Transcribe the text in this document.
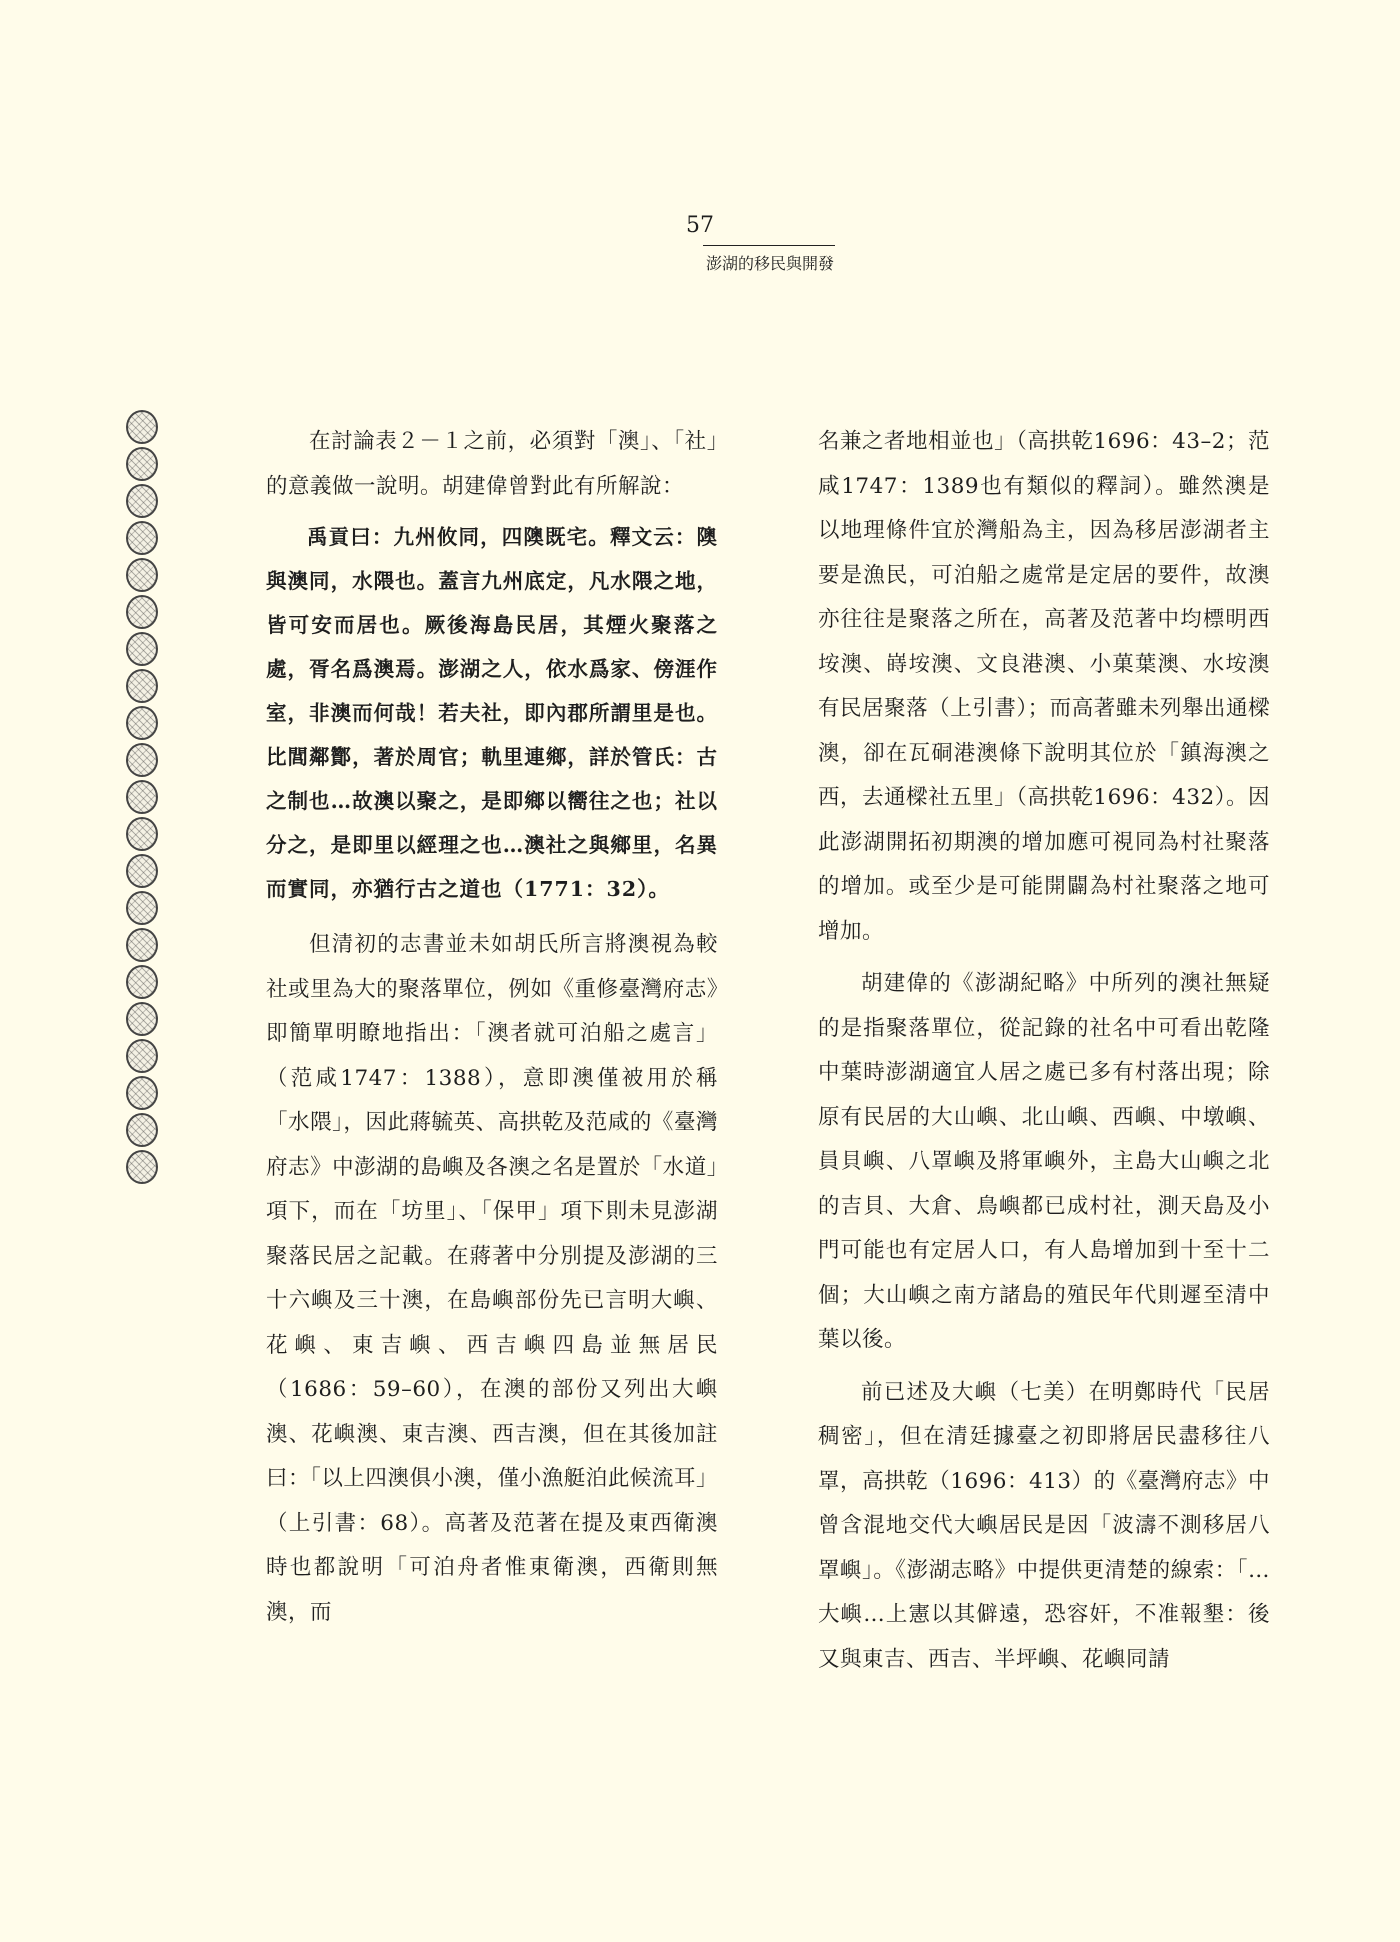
57
澎湖的移民與開發

在討論表２－１之前，必須對「澳」、「社」的意義做一說明。胡建偉曾對此有所解說：

禹貢曰：九州攸同，四隩既宅。釋文云：隩與澳同，水隈也。蓋言九州底定，凡水隈之地，皆可安而居也。厥後海島民居，其煙火聚落之處，胥名爲澳焉。澎湖之人，依水爲家、傍涯作室，非澳而何哉！若夫社，即內郡所謂里是也。比閭鄰酇，著於周官；軌里連鄉，詳於管氏：古之制也…故澳以聚之，是即鄉以嚮往之也；社以分之，是即里以經理之也…澳社之與鄉里，名異而實同，亦猶行古之道也（1771：32）。

但清初的志書並未如胡氏所言將澳視為較社或里為大的聚落單位，例如《重修臺灣府志》即簡單明瞭地指出：「澳者就可泊船之處言」（范咸1747：1388），意即澳僅被用於稱「水隈」，因此蔣毓英、高拱乾及范咸的《臺灣府志》中澎湖的島嶼及各澳之名是置於「水道」項下，而在「坊里」、「保甲」項下則未見澎湖聚落民居之記載。在蔣著中分別提及澎湖的三十六嶼及三十澳，在島嶼部份先已言明大嶼、花嶼、東吉嶼、西吉嶼四島並無居民（1686：59–60），在澳的部份又列出大嶼澳、花嶼澳、東吉澳、西吉澳，但在其後加註曰：「以上四澳俱小澳，僅小漁艇泊此候流耳」（上引書：68）。高著及范著在提及東西衛澳時也都說明「可泊舟者惟東衛澳，西衛則無澳，而

名兼之者地相並也」（高拱乾1696：43–2；范咸1747：1389也有類似的釋詞）。雖然澳是以地理條件宜於灣船為主，因為移居澎湖者主要是漁民，可泊船之處常是定居的要件，故澳亦往往是聚落之所在，高著及范著中均標明西垵澳、嵵垵澳、文良港澳、小菓葉澳、水垵澳有民居聚落（上引書）；而高著雖未列舉出通樑澳，卻在瓦硐港澳條下說明其位於「鎮海澳之西，去通樑社五里」（高拱乾1696：432）。因此澎湖開拓初期澳的增加應可視同為村社聚落的增加。或至少是可能開闢為村社聚落之地可增加。

胡建偉的《澎湖紀略》中所列的澳社無疑的是指聚落單位，從記錄的社名中可看出乾隆中葉時澎湖適宜人居之處已多有村落出現；除原有民居的大山嶼、北山嶼、西嶼、中墩嶼、員貝嶼、八罩嶼及將軍嶼外，主島大山嶼之北的吉貝、大倉、鳥嶼都已成村社，測天島及小門可能也有定居人口，有人島增加到十至十二個；大山嶼之南方諸島的殖民年代則遲至清中葉以後。

前已述及大嶼（七美）在明鄭時代「民居稠密」，但在清廷據臺之初即將居民盡移往八罩，高拱乾（1696：413）的《臺灣府志》中曾含混地交代大嶼居民是因「波濤不測移居八罩嶼」。《澎湖志略》中提供更清楚的線索：「…大嶼…上憲以其僻遠，恐容奸，不准報墾：後又與東吉、西吉、半坪嶼、花嶼同請
